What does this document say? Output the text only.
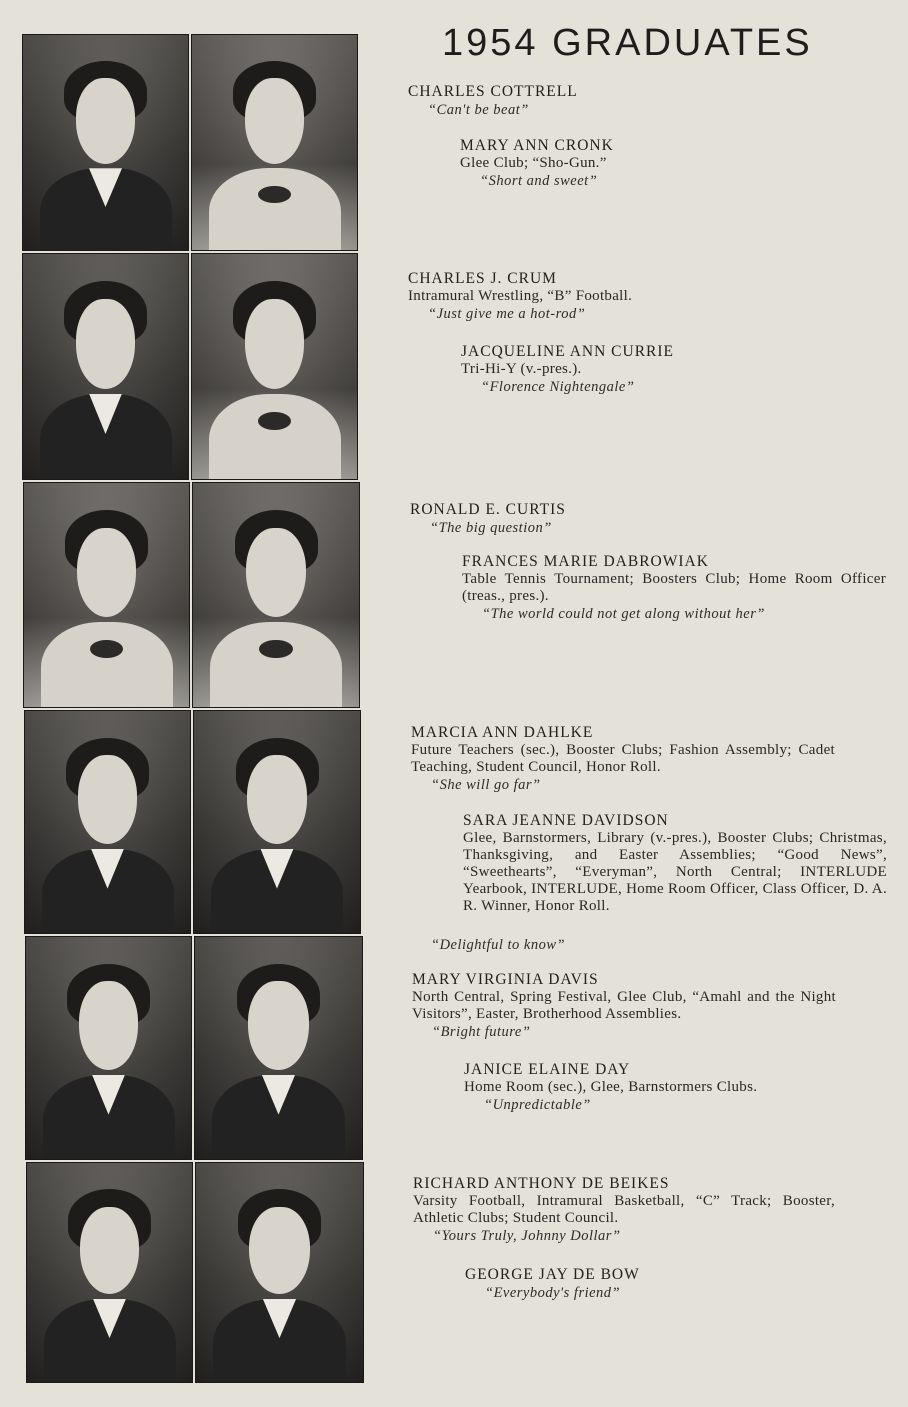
1954 GRADUATES
CHARLES COTTRELL
“Can't be beat”
MARY ANN CRONK
Glee Club; “Sho-Gun.”
“Short and sweet”
CHARLES J. CRUM
Intramural Wrestling, “B” Football.
“Just give me a hot-rod”
JACQUELINE ANN CURRIE
Tri-Hi-Y (v.-pres.).
“Florence Nightengale”
RONALD E. CURTIS
“The big question”
FRANCES MARIE DABROWIAK
Table Tennis Tournament; Boosters Club; Home Room Officer (treas., pres.).
“The world could not get along without her”
MARCIA ANN DAHLKE
Future Teachers (sec.), Booster Clubs; Fashion Assembly; Cadet Teaching, Student Council, Honor Roll.
“She will go far”
SARA JEANNE DAVIDSON
Glee, Barnstormers, Library (v.-pres.), Booster Clubs; Christmas, Thanksgiving, and Easter Assemblies; “Good News”, “Sweethearts”, “Everyman”, North Central; INTERLUDE Yearbook, INTERLUDE, Home Room Officer, Class Officer, D. A. R. Winner, Honor Roll.
“Delightful to know”
MARY VIRGINIA DAVIS
North Central, Spring Festival, Glee Club, “Amahl and the Night Visitors”, Easter, Brotherhood Assemblies.
“Bright future”
JANICE ELAINE DAY
Home Room (sec.), Glee, Barnstormers Clubs.
“Unpredictable”
RICHARD ANTHONY DE BEIKES
Varsity Football, Intramural Basketball, “C” Track; Booster, Athletic Clubs; Student Council.
“Yours Truly, Johnny Dollar”
GEORGE JAY DE BOW
“Everybody's friend”
